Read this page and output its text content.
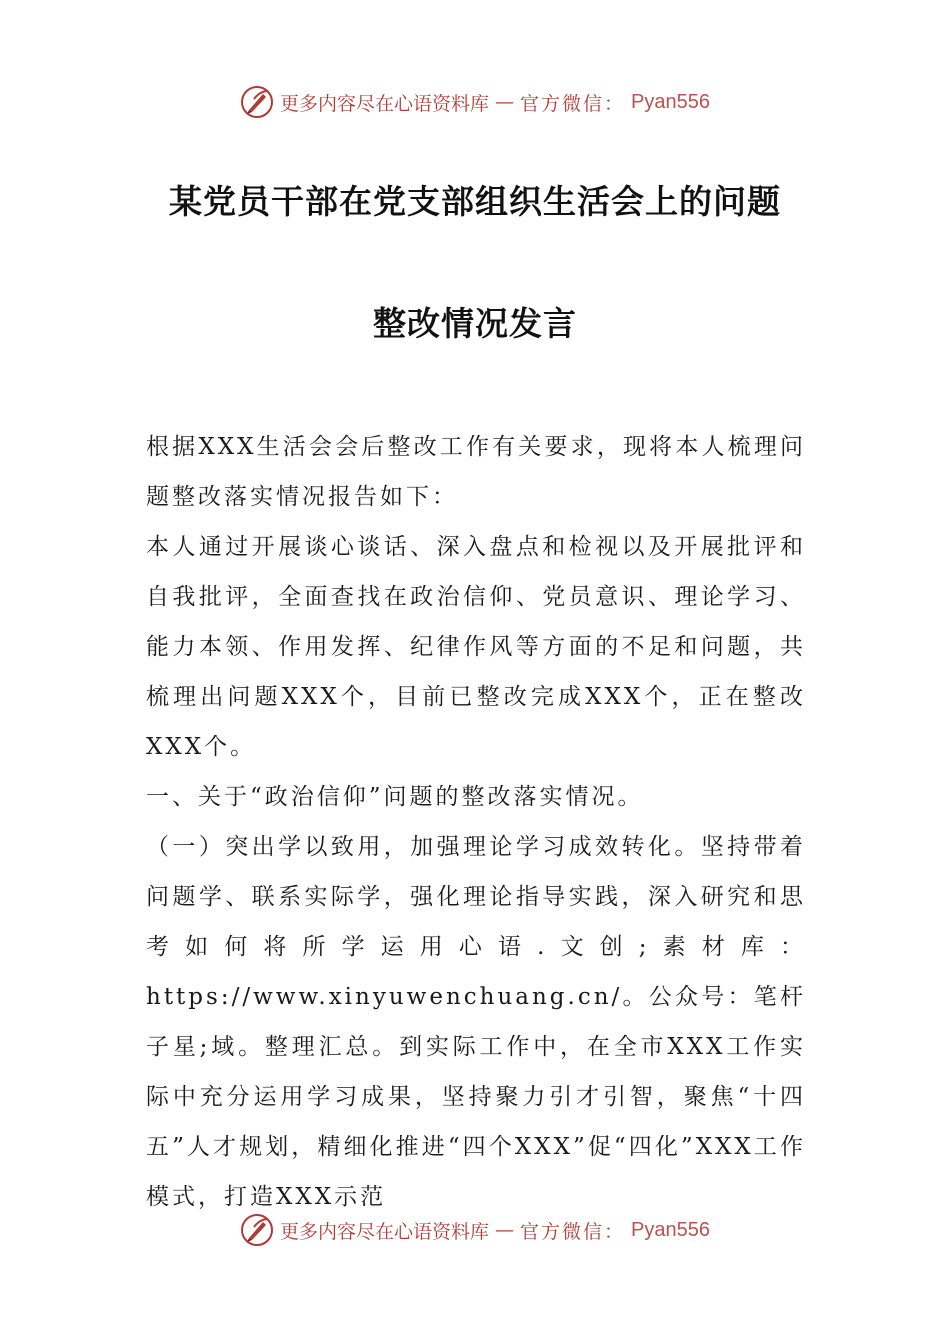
更多内容尽在心语资料库 — 官方微信： Pyan556
某党员干部在党支部组织生活会上的问题
整改情况发言

根据XXX生活会会后整改工作有关要求，现将本人梳理问题整改落实情况报告如下：

本人通过开展谈心谈话、深入盘点和检视以及开展批评和自我批评，全面查找在政治信仰、党员意识、理论学习、能力本领、作用发挥、纪律作风等方面的不足和问题，共梳理出问题XXX个，目前已整改完成XXX个，正在整改XXX个。

一、关于“政治信仰”问题的整改落实情况。

（一）突出学以致用，加强理论学习成效转化。坚持带着问题学、联系实际学，强化理论指导实践，深入研究和思考如何将所学运用心语.文创;素材库：https://www.xinyuwenchuang.cn/。公众号：笔杆子星;域。整理汇总。到实际工作中，在全市XXX工作实际中充分运用学习成果，坚持聚力引才引智，聚焦“十四五”人才规划，精细化推进“四个XXX”促“四化”XXX工作模式，打造XXX示范

更多内容尽在心语资料库 — 官方微信： Pyan556
